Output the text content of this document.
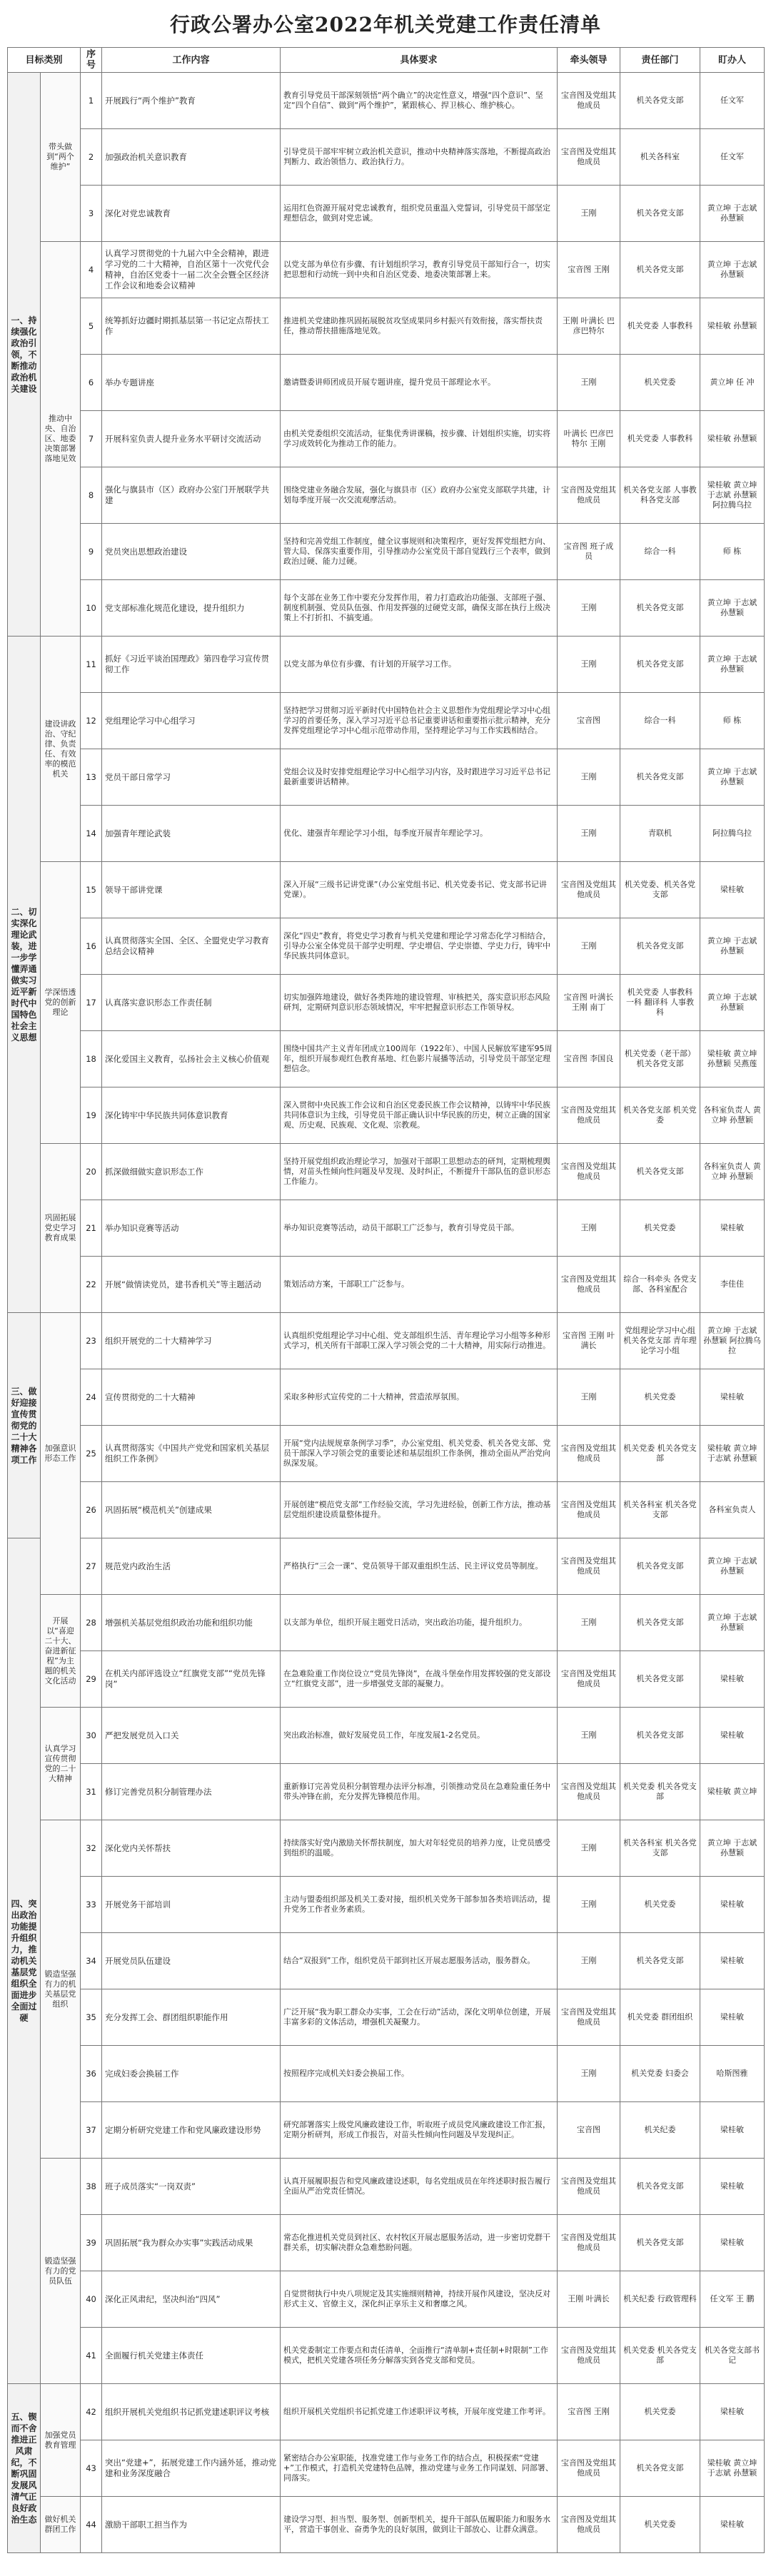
行政公署办公室2022年机关党建工作责任清单
目标类别		序号	工作内容	具体要求	牵头领导	责任部门	盯办人
一、持续强化政治引领，不断推动政治机关建设	带头做到“两个维护”	1	开展践行“两个维护”教育	教育引导党员干部深刻领悟“两个确立”的决定性意义，增强“四个意识”、坚定“四个自信”、做到“两个维护”，紧跟核心、捍卫核心、维护核心。	宝音图及党组其他成员	机关各党支部	任文军
		2	加强政治机关意识教育	引导党员干部牢牢树立政治机关意识，推动中央精神落实落地，不断提高政治判断力、政治领悟力、政治执行力。	宝音图及党组其他成员	机关各科室	任文军
		3	深化对党忠诚教育	运用红色资源开展对党忠诚教育，组织党员重温入党誓词，引导党员干部坚定理想信念，做到对党忠诚。	王刚	机关各党支部	黄立坤 于志斌 孙慧颖
	推动中央、自治区、地委决策部署落地见效	4	认真学习贯彻党的十九届六中全会精神，跟进学习党的二十大精神，自治区第十一次党代会精神，自治区党委十一届二次全会暨全区经济工作会议和地委会议精神	以党支部为单位有步骤、有计划组织学习，教育引导党员干部知行合一，切实把思想和行动统一到中央和自治区党委、地委决策部署上来。	宝音图 王刚	机关各党支部	黄立坤 于志斌 孙慧颖
		5	统筹抓好边疆时期抓基层第一书记定点帮扶工作	推进机关党建助推巩固拓展脱贫攻坚成果同乡村振兴有效衔接，落实帮扶责任，推动帮扶措施落地见效。	王刚 叶满长 巴彦巴特尔	机关党委 人事教科	梁桂敏 孙慧颖
		6	举办专题讲座	邀请暨委讲师团成员开展专题讲座，提升党员干部理论水平。	王刚	机关党委	黄立坤 任 冲
		7	开展科室负责人提升业务水平研讨交流活动	由机关党委组织交流活动，征集优秀讲课稿，按步骤、计划组织实施，切实将学习成效转化为推动工作的能力。	叶满长 巴彦巴特尔 王刚	机关党委 人事教科	梁桂敏 孙慧颖
		8	强化与旗县市（区）政府办公室门开展联学共建	围绕党建业务融合发展，强化与旗县市（区）政府办公室党支部联学共建，计划每季度开展一次交流观摩活动。	宝音图及党组其他成员	机关各党支部 人事教科各党支部	梁桂敏 黄立坤 于志斌 孙慧颖 阿拉腾乌拉
		9	党员突出思想政治建设	坚持和完善党组工作制度，健全议事规则和决策程序，更好发挥党组把方向、管大局、保落实重要作用，引导推动办公室党员干部自觉践行三个表率，做到政治过硬、能力过硬。	宝音图 班子成员	综合一科	师 栋
		10	党支部标准化规范化建设，提升组织力	每个支部在业务工作中要充分发挥作用，着力打造政治功能强、支部班子强、制度机制强、党员队伍强、作用发挥强的过硬党支部，确保支部在执行上级决策上不打折扣、不搞变通。	王刚	机关各党支部	黄立坤 于志斌 孙慧颖
二、切实深化理论武装，进一步学懂弄通做实习近平新时代中国特色社会主义思想	建设讲政治、守纪律、负责任、有效率的模范机关	11	抓好《习近平谈治国理政》第四卷学习宣传贯彻工作	以党支部为单位有步骤、有计划的开展学习工作。	王刚	机关各党支部	黄立坤 于志斌 孙慧颖
		12	党组理论学习中心组学习	坚持把学习贯彻习近平新时代中国特色社会主义思想作为党组理论学习中心组学习的首要任务，深入学习习近平总书记重要讲话和重要指示批示精神，充分发挥党组理论学习中心组示范带动作用，坚持理论学习与工作实践相结合。	宝音图	综合一科	师 栋
		13	党员干部日常学习	党组会议及时安排党组理论学习中心组学习内容，及时跟进学习习近平总书记最新重要讲话精神。	王刚	机关各党支部	黄立坤 于志斌 孙慧颖
		14	加强青年理论武装	优化、建强青年理论学习小组，每季度开展青年理论学习。	王刚	青联机	阿拉腾乌拉
	学深悟透党的创新理论	15	领导干部讲党课	深入开展“三级书记讲党课”（办公室党组书记、机关党委书记、党支部书记讲党课）。	宝音图及党组其他成员	机关党委、机关各党支部	梁桂敏
		16	认真贯彻落实全国、全区、全盟党史学习教育总结会议精神	深化“四史”教育，将党史学习教育与机关党建和理论学习常态化学习相结合，引导办公室全体党员干部学史明理、学史增信、学史崇德、学史力行，铸牢中华民族共同体意识。	王刚	机关各党支部	黄立坤 于志斌 孙慧颖
		17	认真落实意识形态工作责任制	切实加强阵地建设，做好各类阵地的建设管理、审核把关，落实意识形态风险研判，定期研判意识形态领域情况，牢牢把握意识形态工作领导权。	宝音图 叶满长 王刚 南丁	机关党委 人事教科 一科 翻译科 人事教科	黄立坤 于志斌 孙慧颖
		18	深化爱国主义教育，弘扬社会主义核心价值观	围绕中国共产主义青年团成立100周年（1922年）、中国人民解放军建军95周年，组织开展参观红色教育基地、红色影片展播等活动，引导党员干部坚定理想信念。	宝音图 李国良	机关党委（老干部）机关各党支部	梁桂敏 黄立坤 孙慧颖 吴燕莲
		19	深化铸牢中华民族共同体意识教育	深入贯彻中央民族工作会议和自治区党委民族工作会议精神，以铸牢中华民族共同体意识为主线，引导党员干部正确认识中华民族的历史，树立正确的国家观、历史观、民族观、文化观、宗教观。	宝音图及党组其他成员	机关各党支部 机关党委	各科室负责人 黄立坤 孙慧颖
	巩固拓展党史学习教育成果	20	抓深做细做实意识形态工作	坚持开展党组织政治理论学习，加强对干部职工思想动态的研判，定期梳理舆情，对苗头性倾向性问题及早发现、及时纠正，不断提升干部队伍的意识形态工作能力。	宝音图及党组其他成员	机关各党支部	各科室负责人 黄立坤 孙慧颖
		21	举办知识竞赛等活动	举办知识竞赛等活动，动员干部职工广泛参与，教育引导党员干部。	王刚	机关党委	梁桂敏
		22	开展“做情读党员，建书香机关”等主题活动	策划活动方案，干部职工广泛参与。	宝音图及党组其他成员	综合一科牵头 各党支部、各科室配合	李佳佳
三、做好迎接宣传贯彻党的二十大精神各项工作	加强意识形态工作	23	组织开展党的二十大精神学习	认真组织党组理论学习中心组、党支部组织生活、青年理论学习小组等多种形式学习，机关所有干部职工深入学习领会党的二十大精神，用实际行动推进。	宝音图 王刚 叶满长	党组理论学习中心组 机关各党支部 青年理论学习小组	黄立坤 于志斌 孙慧颖 阿拉腾乌拉
		24	宣传贯彻党的二十大精神	采取多种形式宣传党的二十大精神，营造浓厚氛围。	王刚	机关党委	梁桂敏
		25	认真贯彻落实《中国共产党党和国家机关基层组织工作条例》	开展“党内法规规章条例学习季”，办公室党组、机关党委、机关各党支部、党员干部深入学习领会党的重要论述和基层组织工作条例，推动全面从严治党向纵深发展。	宝音图及党组其他成员	机关党委 机关各党支部	梁桂敏 黄立坤 于志斌 孙慧颖
		26	巩固拓展“模范机关”创建成果	开展创建“模范党支部”工作经验交流，学习先进经验，创新工作方法，推动基层党组织建设质量整体提升。	宝音图及党组其他成员	机关各科室 机关各党支部	各科室负责人
四、突出政治功能提升组织力，推动机关基层党组织全面进步全面过硬		27	规范党内政治生活	严格执行“三会一课”、党员领导干部双重组织生活、民主评议党员等制度。	宝音图及党组其他成员	机关各党支部	黄立坤 于志斌 孙慧颖
	开展以“喜迎二十大、奋进新征程”为主题的机关文化活动	28	增强机关基层党组织政治功能和组织功能	以支部为单位，组织开展主题党日活动，突出政治功能，提升组织力。	王刚	机关各党支部	黄立坤 于志斌 孙慧颖
		29	在机关内部评选设立“红旗党支部”“党员先锋岗”	在急难险重工作岗位设立“党员先锋岗”，在战斗堡垒作用发挥较强的党支部设立“红旗党支部”，进一步增强党支部的凝聚力。	宝音图及党组其他成员	机关各党支部	梁桂敏
	认真学习宣传贯彻党的二十大精神	30	严把发展党员入口关	突出政治标准，做好发展党员工作，年度发展1-2名党员。	王刚	机关各党支部	梁桂敏
		31	修订完善党员积分制管理办法	重新修订完善党员积分制管理办法评分标准，引领推动党员在急难险重任务中带头冲锋在前，充分发挥先锋模范作用。	宝音图及党组其他成员	机关党委 机关各党支部	梁桂敏 黄立坤
	锻造坚强有力的机关基层党组织	32	深化党内关怀帮扶	持续落实好党内激励关怀帮扶制度，加大对年轻党员的培养力度，让党员感受到组织的温暖。	王刚	机关各科室 机关各党支部	黄立坤 于志斌 孙慧颖
		33	开展党务干部培训	主动与盟委组织部及机关工委对接，组织机关党务干部参加各类培训活动，提升党务工作者业务素质。	王刚	机关党委	梁桂敏
		34	开展党员队伍建设	结合“双报到”工作，组织党员干部到社区开展志愿服务活动，服务群众。	王刚	机关各党支部	梁桂敏
		35	充分发挥工会、群团组织职能作用	广泛开展“我为职工群众办实事，工会在行动”活动，深化文明单位创建，开展丰富多彩的文体活动，增强机关凝聚力。	宝音图及党组其他成员	机关党委 群团组织	梁桂敏
		36	完成妇委会换届工作	按照程序完成机关妇委会换届工作。	王刚	机关党委 妇委会	哈斯图雅
		37	定期分析研究党建工作和党风廉政建设形势	研究部署落实上级党风廉政建设工作，听取班子成员党风廉政建设工作汇报，定期分析研判，形成工作报告，对苗头性倾向性问题及早发现纠正。	宝音图	机关纪委	梁桂敏
	锻造坚强有力的党员队伍	38	班子成员落实“一岗双责”	认真开展履职报告和党风廉政建设述职，每名党组成员在年终述职时报告履行全面从严治党责任情况。	宝音图及党组其他成员	机关各党支部	梁桂敏
		39	巩固拓展“我为群众办实事”实践活动成果	常态化推进机关党员到社区、农村牧区开展志愿服务活动，进一步密切党群干群关系，切实解决群众急难愁盼问题。	宝音图及党组其他成员	机关各党支部	梁桂敏
		40	深化正风肃纪，坚决纠治“四风”	自觉贯彻执行中央八项规定及其实施细则精神，持续开展作风建设，坚决反对形式主义、官僚主义，深化纠正享乐主义和奢靡之风。	王刚 叶满长	机关纪委 行政管理科	任文军 王 鹏
		41	全面履行机关党建主体责任	机关党委制定工作要点和责任清单，全面推行“清单制+责任制+时限制”工作模式，把机关党建各项任务分解落实到各党支部和党员。	宝音图及党组其他成员	机关党委 机关各党支部	机关各党支部书记
五、锲而不舍推进正风肃纪，不断巩固发展风清气正良好政治生态	加强党员教育管理	42	组织开展机关党组织书记抓党建述职评议考核	组织开展机关党组织书记抓党建工作述职评议考核，开展年度党建工作考评。	宝音图 王刚	机关党委	梁桂敏
		43	突出“党建+”，拓展党建工作内涵外延，推动党建和业务深度融合	紧密结合办公室职能，找准党建工作与业务工作的结合点，积极探索“党建+”工作模式，打造机关党建特色品牌，推动党建与业务工作同谋划、同部署、同落实。	宝音图及党组其他成员	机关各党支部	梁桂敏 黄立坤 于志斌 孙慧颖
	做好机关群团工作	44	激励干部职工担当作为	建设学习型、担当型、服务型、创新型机关，提升干部队伍履职能力和服务水平，营造干事创业、奋勇争先的良好氛围，做到让干部放心、让群众满意。	宝音图及党组其他成员	机关党委	梁桂敏
